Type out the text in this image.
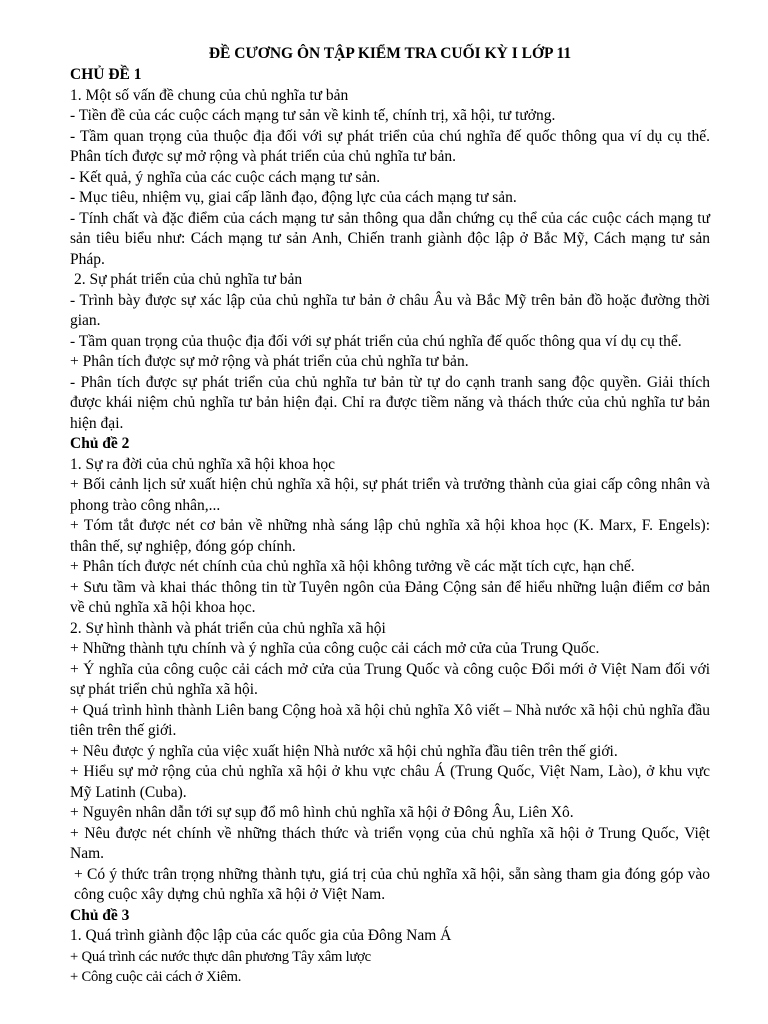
ĐỀ CƯƠNG ÔN TẬP KIỂM TRA CUỐI KỲ I LỚP 11
CHỦ ĐỀ 1
1. Một số vấn đề chung của chủ nghĩa tư bản
- Tiền đề của các cuộc cách mạng tư sản về kinh tế, chính trị, xã hội, tư tưởng.
- Tầm quan trọng của thuộc địa đối với sự phát triển của chú nghĩa đế quốc thông qua ví dụ cụ thế. Phân tích được sự mở rộng và phát triển của chủ nghĩa tư bản.
- Kết quả, ý nghĩa của các cuộc cách mạng tư sản.
- Mục tiêu, nhiệm vụ, giai cấp lãnh đạo, động lực của cách mạng tư sản.
- Tính chất và đặc điểm của cách mạng tư sản thông qua dẫn chứng cụ thể của các cuộc cách mạng tư sản tiêu biểu như: Cách mạng tư sản Anh, Chiến tranh giành độc lập ở Bắc Mỹ, Cách mạng tư sản Pháp.
2. Sự phát triển của chủ nghĩa tư bản
- Trình bày được sự xác lập của chủ nghĩa tư bản ở châu Âu và Bắc Mỹ trên bản đồ hoặc đường thời gian.
- Tầm quan trọng của thuộc địa đối với sự phát triển của chú nghĩa đế quốc thông qua ví dụ cụ thể.
+ Phân tích được sự mở rộng và phát triển của chủ nghĩa tư bản.
- Phân tích được sự phát triển của chủ nghĩa tư bản từ tự do cạnh tranh sang độc quyền. Giải thích được khái niệm chủ nghĩa tư bản hiện đại. Chỉ ra được tiềm năng và thách thức của chủ nghĩa tư bản hiện đại.
Chủ đề 2
1. Sự ra đời của chủ nghĩa xã hội khoa học
+ Bối cảnh lịch sử xuất hiện chủ nghĩa xã hội, sự phát triển và trưởng thành của giai cấp công nhân và phong trào công nhân,...
+ Tóm tắt được nét cơ bản về những nhà sáng lập chủ nghĩa xã hội khoa học (K. Marx, F. Engels): thân thế, sự nghiệp, đóng góp chính.
+ Phân tích được nét chính của chủ nghĩa xã hội không tưởng về các mặt tích cực, hạn chế.
+ Sưu tầm và khai thác thông tin từ Tuyên ngôn của Đảng Cộng sản để hiểu những luận điểm cơ bản về chủ nghĩa xã hội khoa học.
2. Sự hình thành và phát triển của chủ nghĩa xã hội
+ Những thành tựu chính và ý nghĩa của công cuộc cải cách mở cửa của Trung Quốc.
+ Ý nghĩa của công cuộc cải cách mở cửa của Trung Quốc và công cuộc Đổi mới ở Việt Nam đối với sự phát triển chủ nghĩa xã hội.
+ Quá trình hình thành Liên bang Cộng hoà xã hội chủ nghĩa Xô viết – Nhà nước xã hội chủ nghĩa đầu tiên trên thế giới.
+ Nêu được ý nghĩa của việc xuất hiện Nhà nước xã hội chủ nghĩa đầu tiên trên thế giới.
+ Hiểu sự mở rộng của chủ nghĩa xã hội ở khu vực châu Á (Trung Quốc, Việt Nam, Lào), ở khu vực Mỹ Latinh (Cuba).
+ Nguyên nhân dẫn tới sự sụp đổ mô hình chủ nghĩa xã hội ở Đông Âu, Liên Xô.
+ Nêu được nét chính về những thách thức và triển vọng của chủ nghĩa xã hội ở Trung Quốc, Việt Nam.
+ Có ý thức trân trọng những thành tựu, giá trị của chủ nghĩa xã hội, sẵn sàng tham gia đóng góp vào công cuộc xây dựng chủ nghĩa xã hội ở Việt Nam.
Chủ đề 3
1. Quá trình giành độc lập của các quốc gia của Đông Nam Á
+ Quá trình các nước thực dân phương Tây xâm lược
+ Công cuộc cải cách ở Xiêm.
